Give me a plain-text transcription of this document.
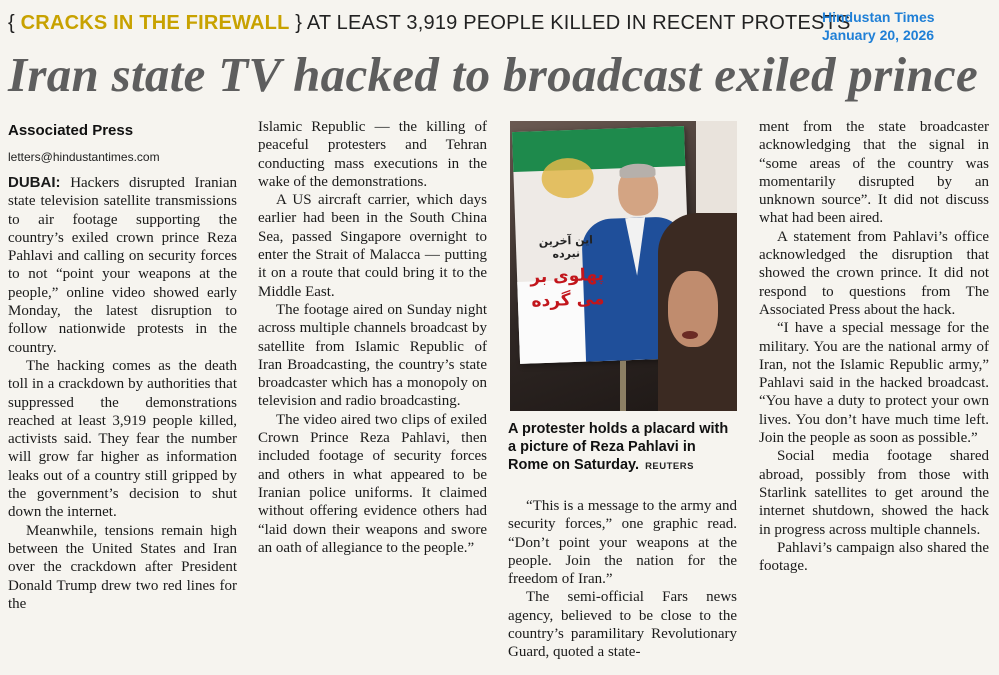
{ CRACKS IN THE FIREWALL } AT LEAST 3,919 PEOPLE KILLED IN RECENT PROTESTS
Hindustan Times
January 20, 2026
Iran state TV hacked to broadcast exiled prince
Associated Press
letters@hindustantimes.com

DUBAI: Hackers disrupted Iranian state television satellite transmissions to air footage supporting the country’s exiled crown prince Reza Pahlavi and calling on security forces to not “point your weapons at the people,” online video showed early Monday, the latest disruption to follow nationwide protests in the country.

The hacking comes as the death toll in a crackdown by authorities that suppressed the demonstrations reached at least 3,919 people killed, activists said. They fear the number will grow far higher as information leaks out of a country still gripped by the government’s decision to shut down the internet.

Meanwhile, tensions remain high between the United States and Iran over the crackdown after President Donald Trump drew two red lines for the

Islamic Republic — the killing of peaceful protesters and Tehran conducting mass executions in the wake of the demonstrations.

A US aircraft carrier, which days earlier had been in the South China Sea, passed Singapore overnight to enter the Strait of Malacca — putting it on a route that could bring it to the Middle East.

The footage aired on Sunday night across multiple channels broadcast by satellite from Islamic Republic of Iran Broadcasting, the country’s state broadcaster which has a monopoly on television and radio broadcasting.

The video aired two clips of exiled Crown Prince Reza Pahlavi, then included footage of security forces and others in what appeared to be Iranian police uniforms. It claimed without offering evidence others had “laid down their weapons and swore an oath of allegiance to the people.”

این آخرین نبرده
پهلوی بر
می گرده
A protester holds a placard with a picture of Reza Pahlavi in Rome on Saturday. REUTERS

“This is a message to the army and security forces,” one graphic read. “Don’t point your weapons at the people. Join the nation for the freedom of Iran.”

The semi-official Fars news agency, believed to be close to the country’s paramilitary Revolutionary Guard, quoted a state-

ment from the state broadcaster acknowledging that the signal in “some areas of the country was momentarily disrupted by an unknown source”. It did not discuss what had been aired.

A statement from Pahlavi’s office acknowledged the disruption that showed the crown prince. It did not respond to questions from The Associated Press about the hack.

“I have a special message for the military. You are the national army of Iran, not the Islamic Republic army,” Pahlavi said in the hacked broadcast. “You have a duty to protect your own lives. You don’t have much time left. Join the people as soon as possible.”

Social media footage shared abroad, possibly from those with Starlink satellites to get around the internet shutdown, showed the hack in progress across multiple channels.

Pahlavi’s campaign also shared the footage.
